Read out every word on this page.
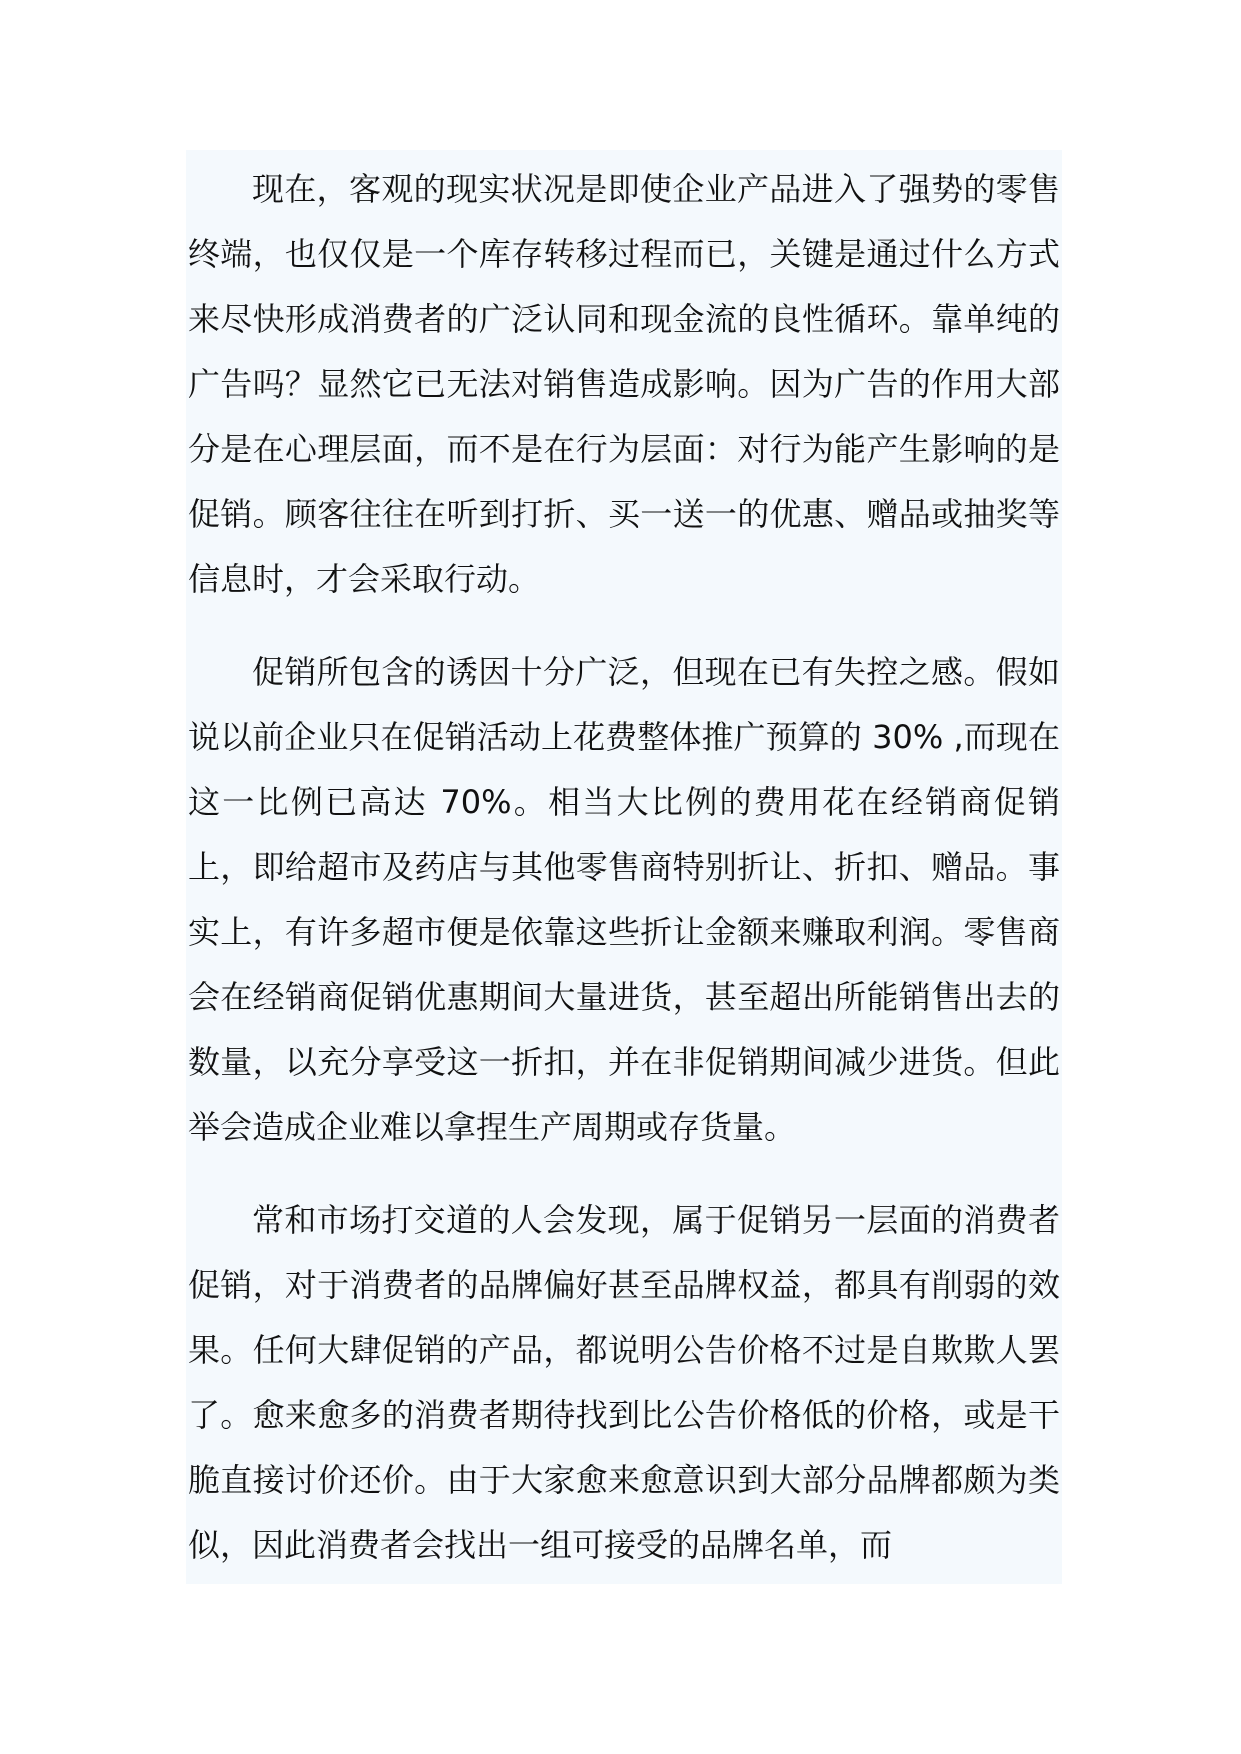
现在，客观的现实状况是即使企业产品进入了强势的零售终端，也仅仅是一个库存转移过程而已，关键是通过什么方式来尽快形成消费者的广泛认同和现金流的良性循环。靠单纯的广告吗？显然它已无法对销售造成影响。因为广告的作用大部分是在心理层面，而不是在行为层面：对行为能产生影响的是促销。顾客往往在听到打折、买一送一的优惠、赠品或抽奖等信息时，才会采取行动。

促销所包含的诱因十分广泛，但现在已有失控之感。假如说以前企业只在促销活动上花费整体推广预算的 30% ,而现在这一比例已高达 70%。相当大比例的费用花在经销商促销上，即给超市及药店与其他零售商特别折让、折扣、赠品。事实上，有许多超市便是依靠这些折让金额来赚取利润。零售商会在经销商促销优惠期间大量进货，甚至超出所能销售出去的数量，以充分享受这一折扣，并在非促销期间减少进货。但此举会造成企业难以拿捏生产周期或存货量。

常和市场打交道的人会发现，属于促销另一层面的消费者促销，对于消费者的品牌偏好甚至品牌权益，都具有削弱的效果。任何大肆促销的产品，都说明公告价格不过是自欺欺人罢了。愈来愈多的消费者期待找到比公告价格低的价格，或是干脆直接讨价还价。由于大家愈来愈意识到大部分品牌都颇为类似，因此消费者会找出一组可接受的品牌名单，而
